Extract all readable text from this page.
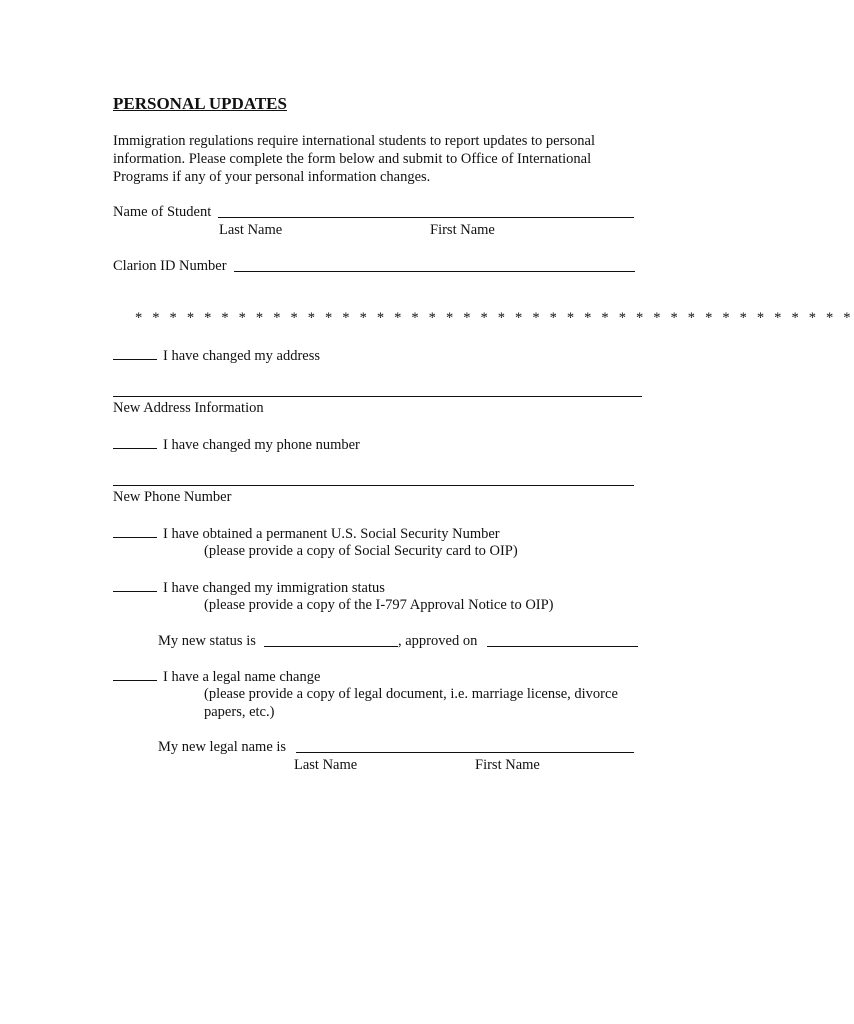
PERSONAL UPDATES
Immigration regulations require international students to report updates to personal
information. Please complete the form below and submit to Office of International
Programs if any of your personal information changes.
Name of Student
Last Name	First Name
Clarion ID Number
* * * * * * * * * * * * * * * * * * * * * * * * * * * * * * * * * * * * * * * * * *
I have changed my address
New Address Information
I have changed my phone number
New Phone Number
I have obtained a permanent U.S. Social Security Number
(please provide a copy of Social Security card to OIP)
I have changed my immigration status
(please provide a copy of the I-797 Approval Notice to OIP)
My new status is	, approved on
I have a legal name change
(please provide a copy of legal document, i.e. marriage license, divorce
papers, etc.)
My new legal name is
Last Name	First Name
